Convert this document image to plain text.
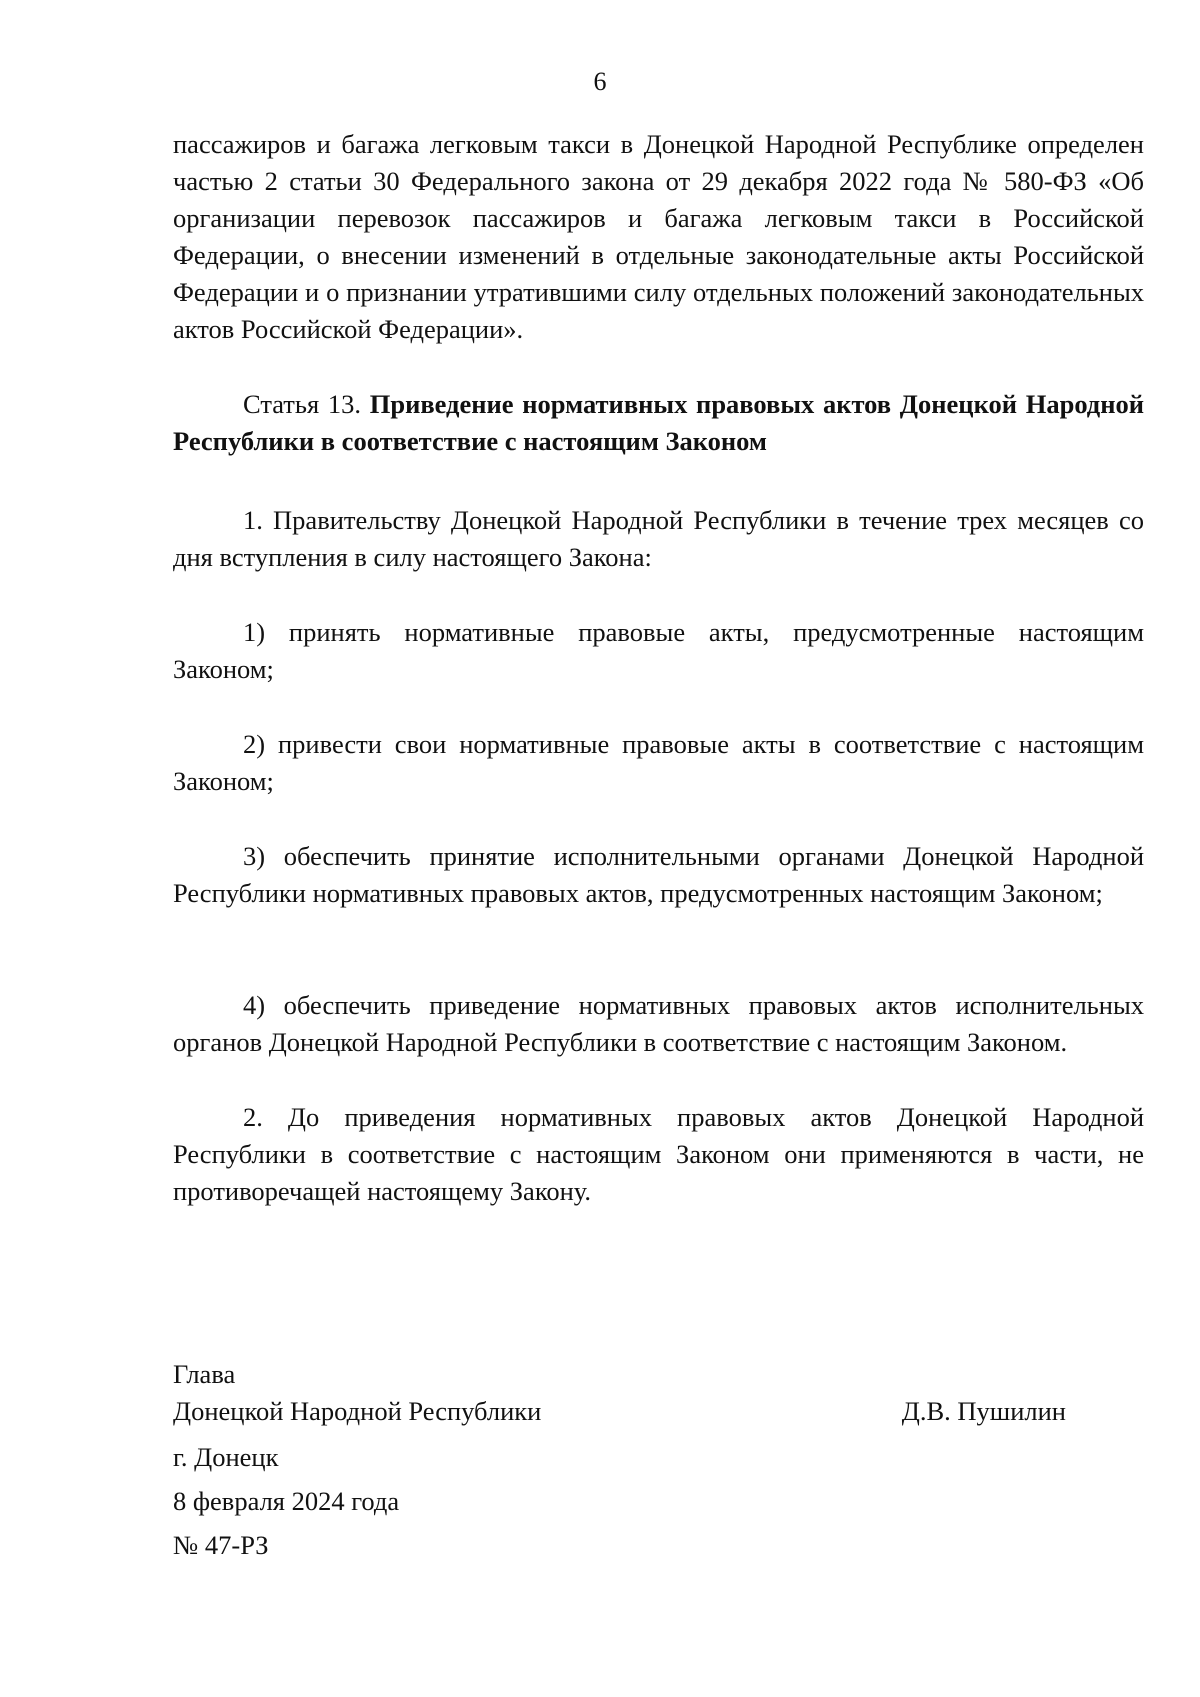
6

пассажиров и багажа легковым такси в Донецкой Народной Республике определен частью 2 статьи 30 Федерального закона от 29 декабря 2022 года № 580-ФЗ «Об организации перевозок пассажиров и багажа легковым такси в Российской Федерации, о внесении изменений в отдельные законодательные акты Российской Федерации и о признании утратившими силу отдельных положений законодательных актов Российской Федерации».

Статья 13. Приведение нормативных правовых актов Донецкой Народной Республики в соответствие с настоящим Законом

1. Правительству Донецкой Народной Республики в течение трех месяцев со дня вступления в силу настоящего Закона:

1) принять нормативные правовые акты, предусмотренные настоящим Законом;

2) привести свои нормативные правовые акты в соответствие с настоящим Законом;

3) обеспечить принятие исполнительными органами Донецкой Народной Республики нормативных правовых актов, предусмотренных настоящим Законом;

4) обеспечить приведение нормативных правовых актов исполнительных органов Донецкой Народной Республики в соответствие с настоящим Законом.

2. До приведения нормативных правовых актов Донецкой Народной Республики в соответствие с настоящим Законом они применяются в части, не противоречащей настоящему Закону.

Глава

Донецкой Народной Республики	Д.В. Пушилин

г. Донецк

8 февраля 2024 года

№ 47-РЗ
